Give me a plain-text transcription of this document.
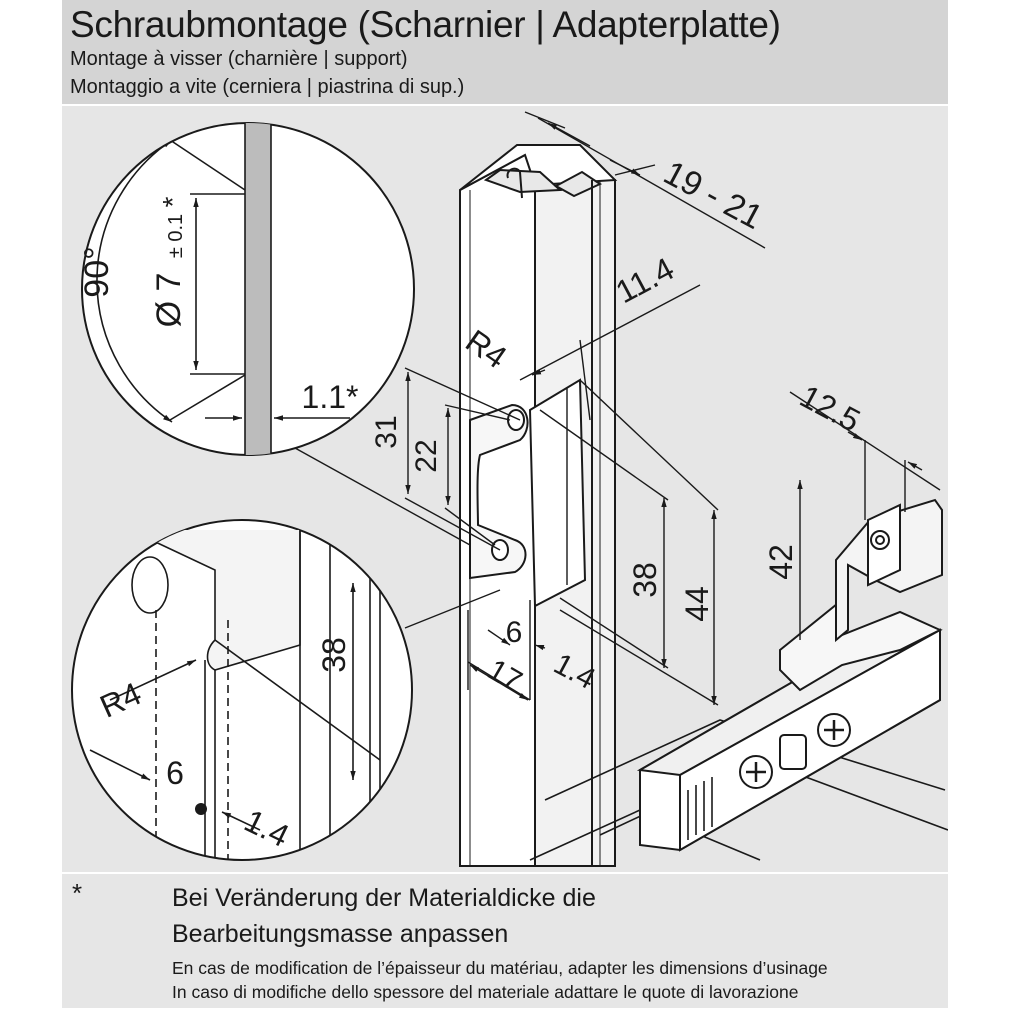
Schraubmontage (Scharnier | Adapterplatte)
Montage à visser (charnière | support)
Montaggio a vite (cerniera | piastrina di sup.)
19 - 21
11.4
R4
31
22
38
44
12.5
42
6
17 1.4
90°
Ø 7
± 0.1
*
1.1*
R4
38
6
1.4
*	Bei Veränderung der Materialdicke die
Bearbeitungsmasse anpassen
En cas de modification de l’épaisseur du matériau, adapter les dimensions d’usinage
In caso di modifiche dello spessore del materiale adattare le quote di lavorazione
